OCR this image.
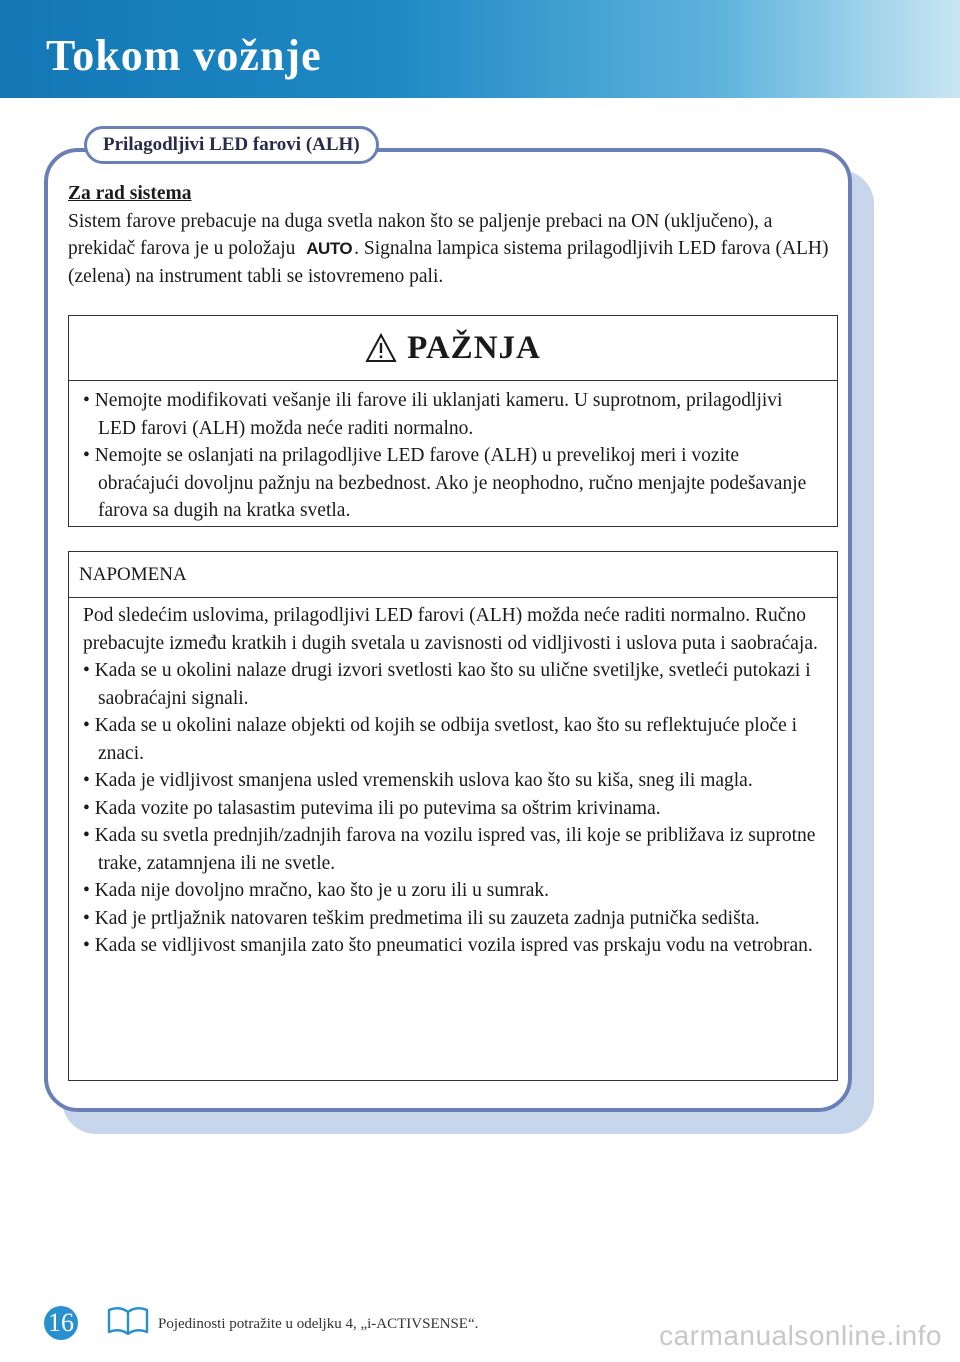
Tokom vožnje
Prilagodljivi LED farovi (ALH)
Za rad sistema
Sistem farove prebacuje na duga svetla nakon što se paljenje prebaci na ON (uključeno), a prekidač farova je u položaju AUTO . Signalna lampica sistema prilagodljivih LED farova (ALH) (zelena) na instrument tabli se istovremeno pali.
PAŽNJA
• Nemojte modifikovati vešanje ili farove ili uklanjati kameru. U suprotnom, prilagodljivi LED farovi (ALH) možda neće raditi normalno.
• Nemojte se oslanjati na prilagodljive LED farove (ALH) u prevelikoj meri i vozite obraćajući dovoljnu pažnju na bezbednost. Ako je neophodno, ručno menjajte podešavanje farova sa dugih na kratka svetla.
NAPOMENA
Pod sledećim uslovima, prilagodljivi LED farovi (ALH) možda neće raditi normalno. Ručno prebacujte između kratkih i dugih svetala u zavisnosti od vidljivosti i uslova puta i saobraćaja.
• Kada se u okolini nalaze drugi izvori svetlosti kao što su ulične svetiljke, svetleći putokazi i saobraćajni signali.
• Kada se u okolini nalaze objekti od kojih se odbija svetlost, kao što su reflektujuće ploče i znaci.
• Kada je vidljivost smanjena usled vremenskih uslova kao što su kiša, sneg ili magla.
• Kada vozite po talasastim putevima ili po putevima sa oštrim krivinama.
• Kada su svetla prednjih/zadnjih farova na vozilu ispred vas, ili koje se približava iz suprotne trake, zatamnjena ili ne svetle.
• Kada nije dovoljno mračno, kao što je u zoru ili u sumrak.
• Kad je prtljažnik natovaren teškim predmetima ili su zauzeta zadnja putnička sedišta.
• Kada se vidljivost smanjila zato što pneumatici vozila ispred vas prskaju vodu na vetrobran.
16	Pojedinosti potražite u odeljku 4, „i-ACTIVSENSE“.	carmanualsonline.info
